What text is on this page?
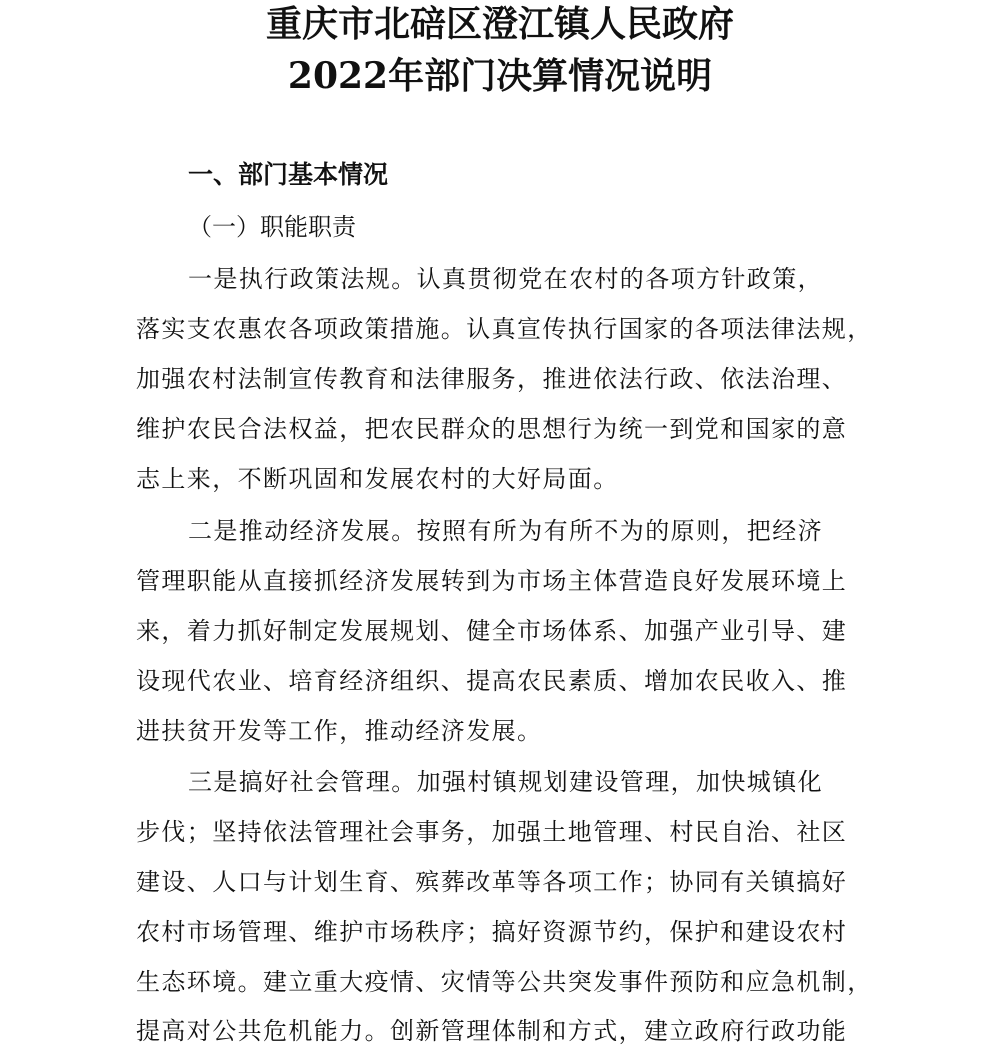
重庆市北碚区澄江镇人民政府
2022年部门决算情况说明
一、部门基本情况
（一）职能职责
一是执行政策法规。认真贯彻党在农村的各项方针政策，
落实支农惠农各项政策措施。认真宣传执行国家的各项法律法规，
加强农村法制宣传教育和法律服务，推进依法行政、依法治理、
维护农民合法权益，把农民群众的思想行为统一到党和国家的意
志上来，不断巩固和发展农村的大好局面。
二是推动经济发展。按照有所为有所不为的原则，把经济
管理职能从直接抓经济发展转到为市场主体营造良好发展环境上
来，着力抓好制定发展规划、健全市场体系、加强产业引导、建
设现代农业、培育经济组织、提高农民素质、增加农民收入、推
进扶贫开发等工作，推动经济发展。
三是搞好社会管理。加强村镇规划建设管理，加快城镇化
步伐；坚持依法管理社会事务，加强土地管理、村民自治、社区
建设、人口与计划生育、殡葬改革等各项工作；协同有关镇搞好
农村市场管理、维护市场秩序；搞好资源节约，保护和建设农村
生态环境。建立重大疫情、灾情等公共突发事件预防和应急机制，
提高对公共危机能力。创新管理体制和方式，建立政府行政功能
